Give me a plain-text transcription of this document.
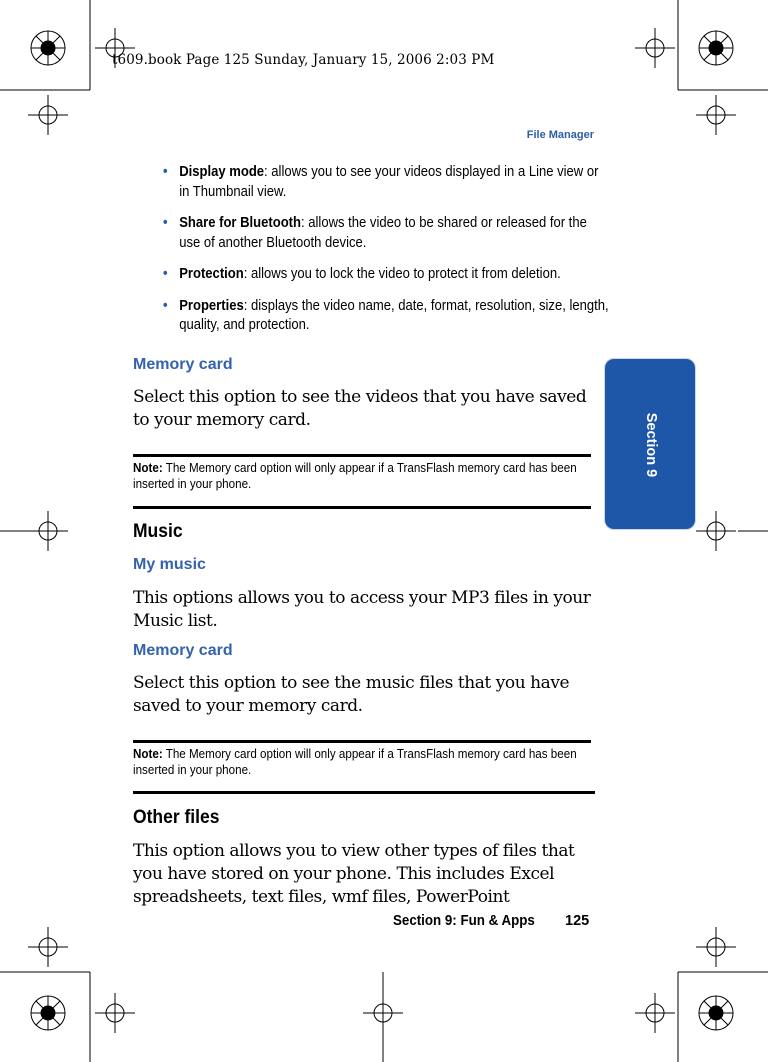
t609.book Page 125 Sunday, January 15, 2006 2:03 PM
File Manager
• Display mode: allows you to see your videos displayed in a Line view or in Thumbnail view.
• Share for Bluetooth: allows the video to be shared or released for the use of another Bluetooth device.
• Protection: allows you to lock the video to protect it from deletion.
• Properties: displays the video name, date, format, resolution, size, length, quality, and protection.
Memory card
Select this option to see the videos that you have saved to your memory card.
Note: The Memory card option will only appear if a TransFlash memory card has been inserted in your phone.
Music
My music
This options allows you to access your MP3 files in your Music list.
Memory card
Select this option to see the music files that you have saved to your memory card.
Note: The Memory card option will only appear if a TransFlash memory card has been inserted in your phone.
Other files
This option allows you to view other types of files that you have stored on your phone. This includes Excel spreadsheets, text files, wmf files, PowerPoint
Section 9
Section 9: Fun & Apps 125
